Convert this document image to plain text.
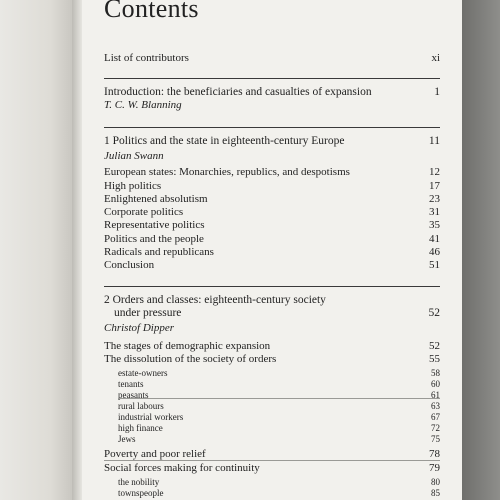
Contents
List of contributors	xi
Introduction: the beneficiaries and casualties of expansion	1
T. C. W. Blanning
1 Politics and the state in eighteenth-century Europe	11
Julian Swann
European states: Monarchies, republics, and despotisms	12
High politics	17
Enlightened absolutism	23
Corporate politics	31
Representative politics	35
Politics and the people	41
Radicals and republicans	46
Conclusion	51
2 Orders and classes: eighteenth-century society
under pressure	52
Christof Dipper
The stages of demographic expansion	52
The dissolution of the society of orders	55
estate-owners	58
tenants	60
peasants	61
rural labours	63
industrial workers	67
high finance	72
Jews	75
Poverty and poor relief	78
Social forces making for continuity	79
the nobility	80
townspeople	85
